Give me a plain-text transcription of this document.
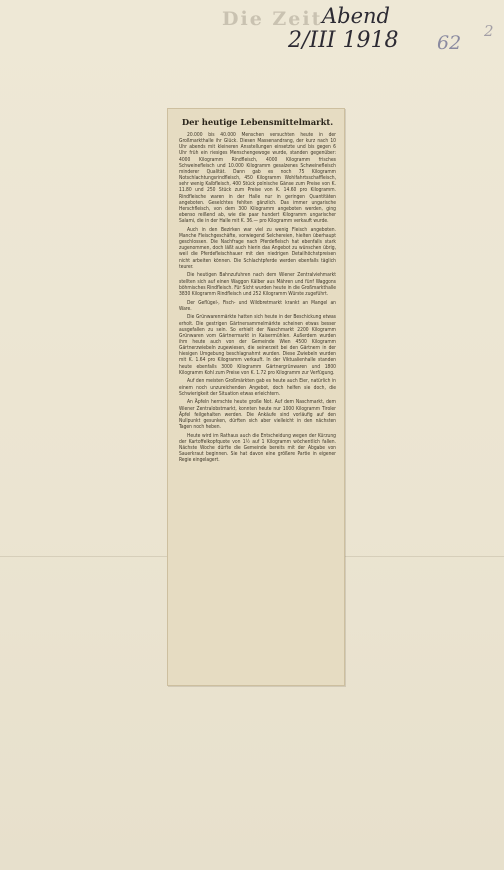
Die Zeit Abend
2/III 1918 62
2
Der heutige Lebensmittelmarkt.

20.000 bis 40.000 Menschen versuchten heute in der Großmarkthalle ihr Glück. Diesen Massenandrang, der kurz nach 10 Uhr abends mit kleineren Ansstellungen einsetzte und bis gegen 6 Uhr früh ein riesiges Menschengewoge wurde, standen gegenüber: 4000 Kilogramm Rindfleisch, 4000 Kilogramm frisches Schweinefleisch und 10.000 Kilogramm gesalzenes Schweinefleisch minderer Qualität. Dann gab es noch 75 Kilogramm Notschlachtungsrindfleisch, 450 Kilogramm Wohlfahrtsschaffleisch, sehr wenig Kalbfleisch, 400 Stück polnische Gänse zum Preise von K. 11.80 und 250 Stück zum Preise von K. 14.60 pro Kilogramm. Rindfleische waren in der Halle nur in geringen Quantitäten angeboten. Geselchtes fehlten gänzlich. Das immer ungarische Herschfleisch, von dem 300 Kilogramm angeboten werden, ging ebenso reißend ab, wie die paar hundert Kilogramm ungarischer Salami, die in der Halle mit K. 36.— pro Kilogramm verkauft wurde.

Auch in den Bezirken war viel zu wenig Fleisch angeboten. Manche Fleischgeschäfte, vorwiegend Selchereien, hielten überhaupt geschlossen. Die Nachfrage nach Pferdefleisch hat ebenfalls stark zugenommen, doch läßt auch hierin das Angebot zu wünschen übrig, weil die Pferdefleischhauer mit den niedrigen Detailhöchstpreisen nicht arbeiten können. Die Schlachtpferde werden ebenfalls täglich teurer.

Die heutigen Bahnzufuhren nach dem Wiener Zentralviehmarkt stellten sich auf einen Waggon Kälber aus Mähren und fünf Waggons böhmisches Rindfleisch. Für Sicht wurden heute in die Großmarkthalle 3830 Kilogramm Rindfleisch und 252 Kilogramm Würste zugeführt.

Der Geflügel-, Fisch- und Wildbretmarkt krankt an Mangel an Ware.

Die Grünwarenmärkte hatten sich heute in der Beschickung etwas erholt. Die gestrigen Gärtnersammelmärkte scheinen etwas besser ausgefallen zu sein. So erhielt der Naschmarkt 2200 Kilogramm Grünwaren vom Gärtnermarkt in Kaisermühlen. Außerdem wurden ihm heute auch von der Gemeinde Wien 4500 Kilogramm Gärtnerzwiebeln zugewiesen, die seinerzeit bei den Gärtnern in der hiesigen Umgebung beschlagnahmt wurden. Diese Zwiebeln wurden mit K. 1.64 pro Kilogramm verkauft. In der Viktualienhalle standen heute ebenfalls 3000 Kilogramm Gärtnergrünwaren und 1800 Kilogramm Kohl zum Preise von K. 1.72 pro Kilogramm zur Verfügung.

Auf den meisten Großmärkten gab es heute auch Eier, natürlich in einem noch unzureichenden Angebot, doch helfen sie doch, die Schwierigkeit der Situation etwas erleichtern.

An Äpfeln herrschte heute große Not. Auf dem Naschmarkt, dem Wiener Zentralobstmarkt, konnten heute nur 1000 Kilogramm Tiroler Äpfel feilgehalten werden. Die Ankäufe sind vorläufig auf den Nullpunkt gesunken, dürften sich aber vielleicht in den nächsten Tagen noch heben.

Heute wird im Rathaus auch die Entscheidung wegen der Kürzung der Kartoffelkopfquote von 1½ auf 1 Kilogramm wöchentlich fallen. Nächste Woche dürfte die Gemeinde bereits mit der Abgabe von Sauerkraut beginnen. Sie hat davon eine größere Partie in eigener Regie eingelagert.
